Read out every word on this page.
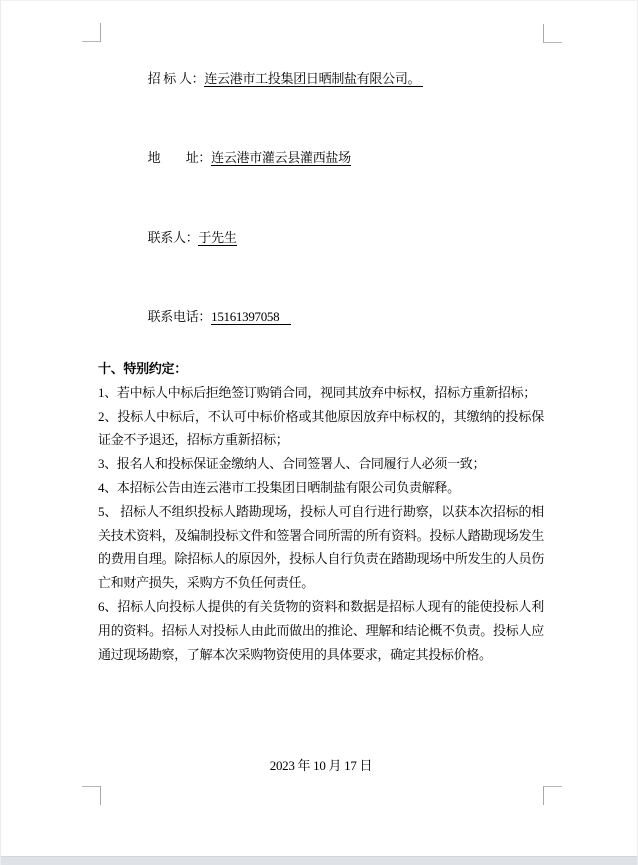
招 标 人：连云港市工投集团日晒制盐有限公司。

地　　址：连云港市灌云县灌西盐场

联系人：于先生

联系电话：15161397058

十、特别约定：

1、若中标人中标后拒绝签订购销合同，视同其放弃中标权，招标方重新招标；

2、投标人中标后，不认可中标价格或其他原因放弃中标权的，其缴纳的投标保证金不予退还，招标方重新招标；

3、报名人和投标保证金缴纳人、合同签署人、合同履行人必须一致；

4、本招标公告由连云港市工投集团日晒制盐有限公司负责解释。

5、 招标人不组织投标人踏勘现场，投标人可自行进行勘察，以获本次招标的相关技术资料，及编制投标文件和签署合同所需的所有资料。投标人踏勘现场发生的费用自理。除招标人的原因外，投标人自行负责在踏勘现场中所发生的人员伤亡和财产损失，采购方不负任何责任。

6、招标人向投标人提供的有关货物的资料和数据是招标人现有的能使投标人利用的资料。招标人对投标人由此而做出的推论、理解和结论概不负责。投标人应通过现场勘察，了解本次采购物资使用的具体要求，确定其投标价格。

2023 年 10 月 17 日
